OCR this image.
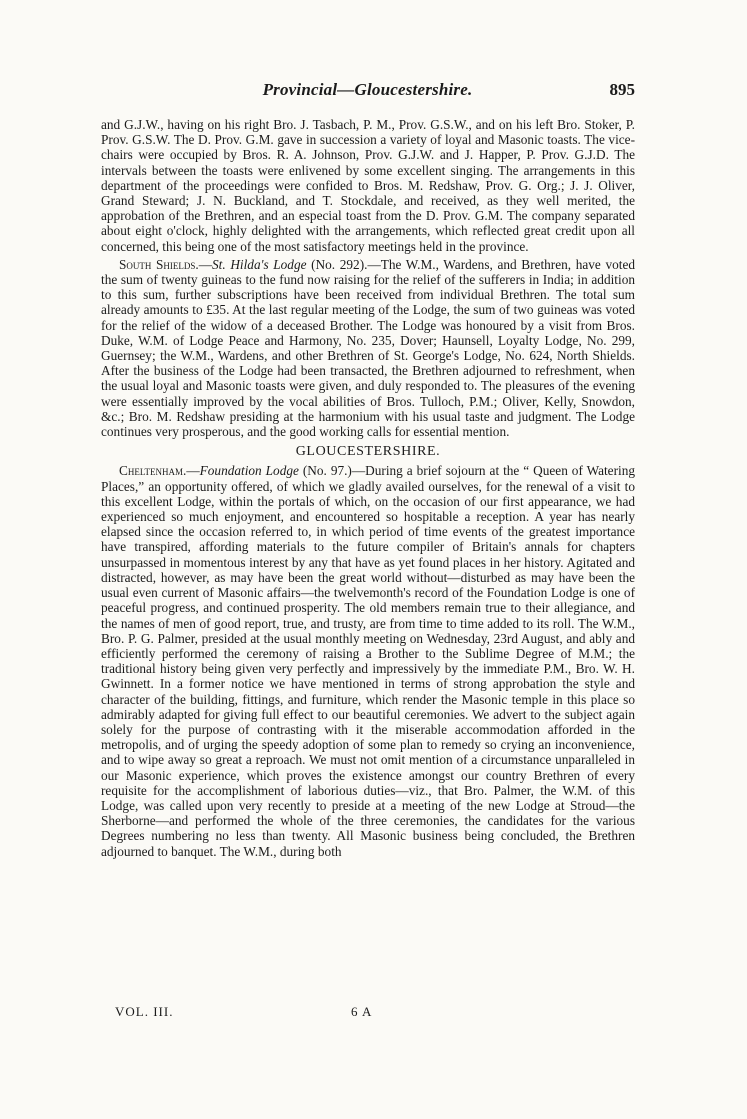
Provincial—Gloucestershire.	895

and G.J.W., having on his right Bro. J. Tasbach, P. M., Prov. G.S.W., and on his left Bro. Stoker, P. Prov. G.S.W. The D. Prov. G.M. gave in succession a variety of loyal and Masonic toasts. The vice-chairs were occupied by Bros. R. A. Johnson, Prov. G.J.W. and J. Happer, P. Prov. G.J.D. The intervals between the toasts were enlivened by some excellent singing. The arrangements in this department of the proceedings were confided to Bros. M. Redshaw, Prov. G. Org.; J. J. Oliver, Grand Steward; J. N. Buckland, and T. Stockdale, and received, as they well merited, the approbation of the Brethren, and an especial toast from the D. Prov. G.M. The company separated about eight o'clock, highly delighted with the arrangements, which reflected great credit upon all concerned, this being one of the most satisfactory meetings held in the province.

South Shields.—St. Hilda's Lodge (No. 292).—The W.M., Wardens, and Brethren, have voted the sum of twenty guineas to the fund now raising for the relief of the sufferers in India; in addition to this sum, further subscriptions have been received from individual Brethren. The total sum already amounts to £35. At the last regular meeting of the Lodge, the sum of two guineas was voted for the relief of the widow of a deceased Brother. The Lodge was honoured by a visit from Bros. Duke, W.M. of Lodge Peace and Harmony, No. 235, Dover; Haunsell, Loyalty Lodge, No. 299, Guernsey; the W.M., Wardens, and other Brethren of St. George's Lodge, No. 624, North Shields. After the business of the Lodge had been transacted, the Brethren adjourned to refreshment, when the usual loyal and Masonic toasts were given, and duly responded to. The pleasures of the evening were essentially improved by the vocal abilities of Bros. Tulloch, P.M.; Oliver, Kelly, Snowdon, &c.; Bro. M. Redshaw presiding at the harmonium with his usual taste and judgment. The Lodge continues very prosperous, and the good working calls for essential mention.

GLOUCESTERSHIRE.

Cheltenham.—Foundation Lodge (No. 97.)—During a brief sojourn at the “ Queen of Watering Places,” an opportunity offered, of which we gladly availed ourselves, for the renewal of a visit to this excellent Lodge, within the portals of which, on the occasion of our first appearance, we had experienced so much enjoyment, and encountered so hospitable a reception. A year has nearly elapsed since the occasion referred to, in which period of time events of the greatest importance have transpired, affording materials to the future compiler of Britain's annals for chapters unsurpassed in momentous interest by any that have as yet found places in her history. Agitated and distracted, however, as may have been the great world without—disturbed as may have been the usual even current of Masonic affairs—the twelvemonth's record of the Foundation Lodge is one of peaceful progress, and continued prosperity. The old members remain true to their allegiance, and the names of men of good report, true, and trusty, are from time to time added to its roll. The W.M., Bro. P. G. Palmer, presided at the usual monthly meeting on Wednesday, 23rd August, and ably and efficiently performed the ceremony of raising a Brother to the Sublime Degree of M.M.; the traditional history being given very perfectly and impressively by the immediate P.M., Bro. W. H. Gwinnett. In a former notice we have mentioned in terms of strong approbation the style and character of the building, fittings, and furniture, which render the Masonic temple in this place so admirably adapted for giving full effect to our beautiful ceremonies. We advert to the subject again solely for the purpose of contrasting with it the miserable accommodation afforded in the metropolis, and of urging the speedy adoption of some plan to remedy so crying an inconvenience, and to wipe away so great a reproach. We must not omit mention of a circumstance unparalleled in our Masonic experience, which proves the existence amongst our country Brethren of every requisite for the accomplishment of laborious duties—viz., that Bro. Palmer, the W.M. of this Lodge, was called upon very recently to preside at a meeting of the new Lodge at Stroud—the Sherborne—and performed the whole of the three ceremonies, the candidates for the various Degrees numbering no less than twenty. All Masonic business being concluded, the Brethren adjourned to banquet. The W.M., during both

VOL. III.	6 A
